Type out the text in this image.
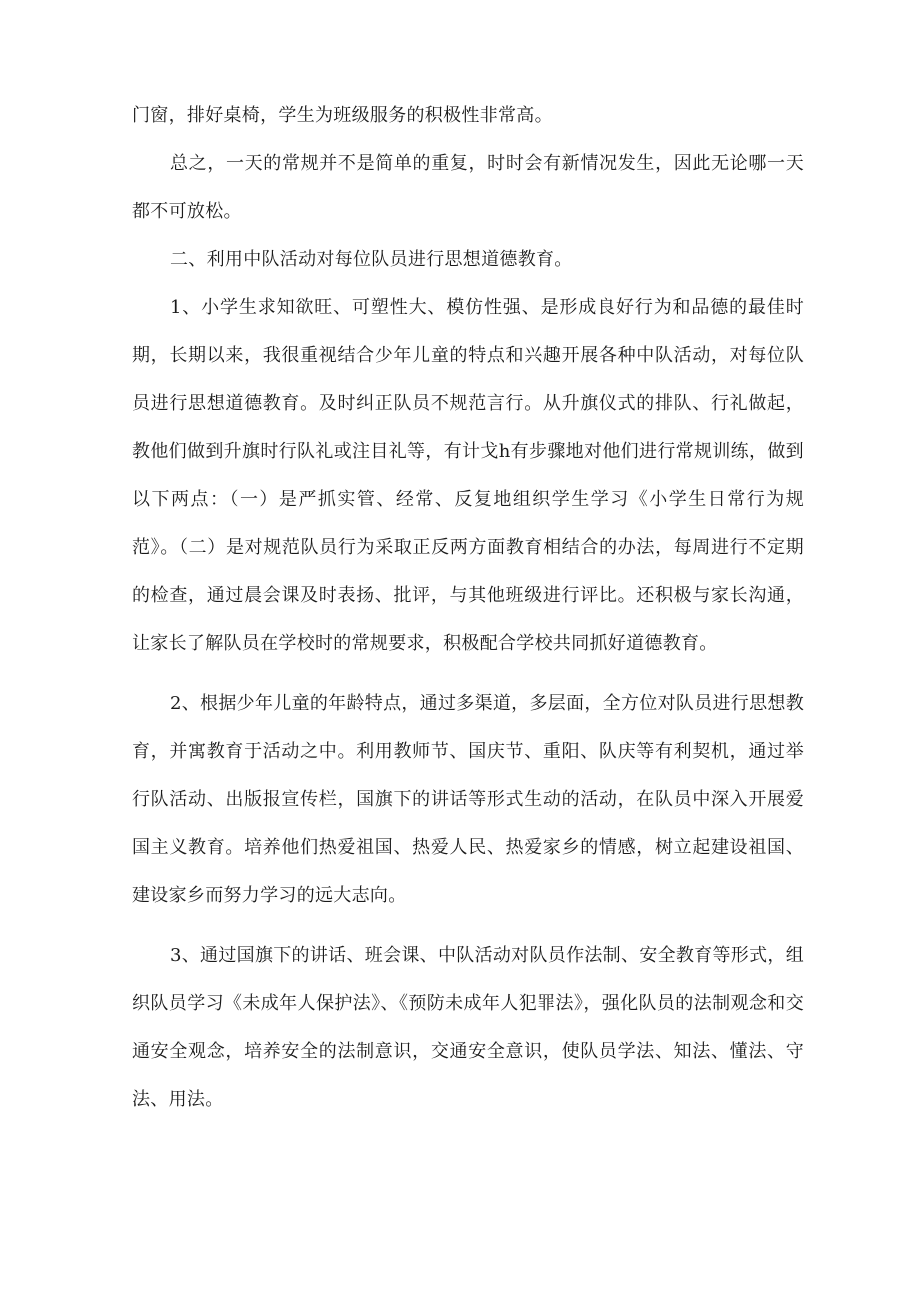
门窗，排好桌椅，学生为班级服务的积极性非常高。

总之，一天的常规并不是简单的重复，时时会有新情况发生，因此无论哪一天都不可放松。

二、利用中队活动对每位队员进行思想道德教育。

1、小学生求知欲旺、可塑性大、模仿性强、是形成良好行为和品德的最佳时期，长期以来，我很重视结合少年儿童的特点和兴趣开展各种中队活动，对每位队员进行思想道德教育。及时纠正队员不规范言行。从升旗仪式的排队、行礼做起，教他们做到升旗时行队礼或注目礼等，有计戈h有步骤地对他们进行常规训练，做到以下两点：（一）是严抓实管、经常、反复地组织学生学习《小学生日常行为规范》。（二）是对规范队员行为采取正反两方面教育相结合的办法，每周进行不定期的检查，通过晨会课及时表扬、批评，与其他班级进行评比。还积极与家长沟通，让家长了解队员在学校时的常规要求，积极配合学校共同抓好道德教育。

2、根据少年儿童的年龄特点，通过多渠道，多层面，全方位对队员进行思想教育，并寓教育于活动之中。利用教师节、国庆节、重阳、队庆等有利契机，通过举行队活动、出版报宣传栏，国旗下的讲话等形式生动的活动，在队员中深入开展爱国主义教育。培养他们热爱祖国、热爱人民、热爱家乡的情感，树立起建设祖国、建设家乡而努力学习的远大志向。

3、通过国旗下的讲话、班会课、中队活动对队员作法制、安全教育等形式，组织队员学习《未成年人保护法》、《预防未成年人犯罪法》，强化队员的法制观念和交通安全观念，培养安全的法制意识，交通安全意识，使队员学法、知法、懂法、守法、用法。
